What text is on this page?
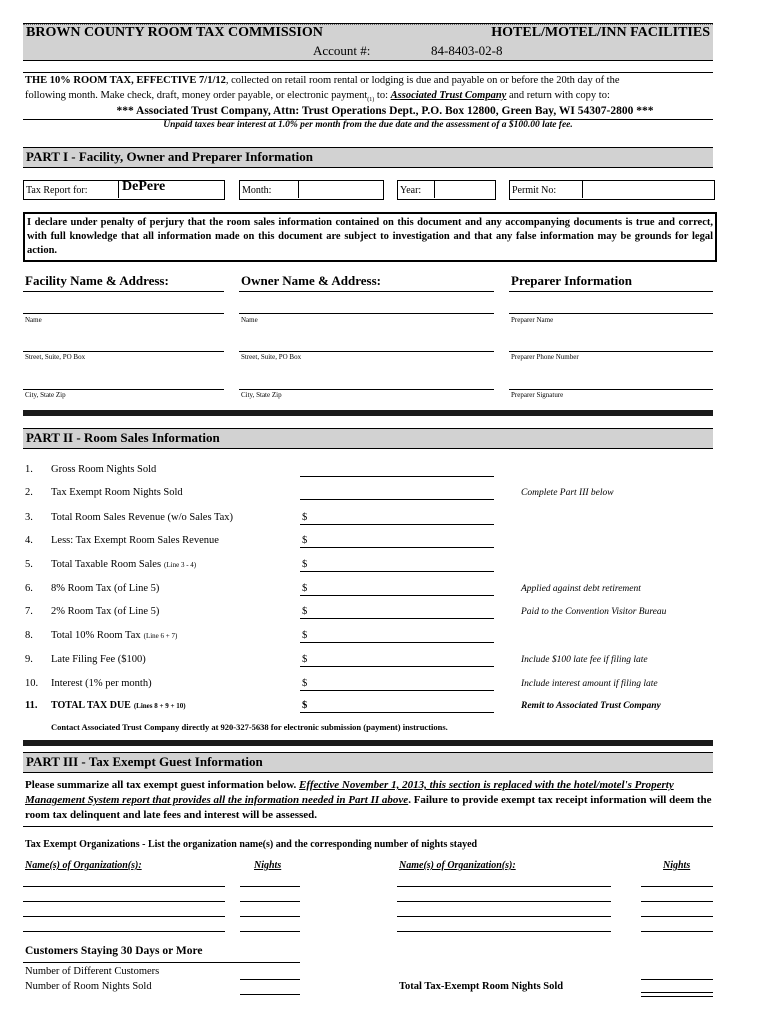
BROWN COUNTY ROOM TAX COMMISSION	HOTEL/MOTEL/INN FACILITIES
Account #:	84-8403-02-8
THE 10% ROOM TAX, EFFECTIVE 7/1/12, collected on retail room rental or lodging is due and payable on or before the 20th day of the
following month. Make check, draft, money order payable, or electronic payment$_{(1)}$ to: Associated Trust Company and return with copy to:
*** Associated Trust Company, Attn: Trust Operations Dept., P.O. Box 12800, Green Bay, WI 54307-2800 ***
Unpaid taxes bear interest at 1.0% per month from the due date and the assessment of a $100.00 late fee.
PART I - Facility, Owner and Preparer Information
Tax Report for: DePere	Month:	Year:	Permit No:
I declare under penalty of perjury that the room sales information contained on this document and any accompanying documents is true and correct, with full knowledge that all information made on this document are subject to investigation and that any false information may be grounds for legal action.
Facility Name & Address:	Owner Name & Address:	Preparer Information
Name
Street, Suite, PO Box
City, State Zip
Name
Street, Suite, PO Box
City, State Zip
Preparer Name
Preparer Phone Number
Preparer Signature
PART II - Room Sales Information
1. Gross Room Nights Sold
2. Tax Exempt Room Nights Sold	Complete Part III below
3. Total Room Sales Revenue (w/o Sales Tax)	$
4. Less: Tax Exempt Room Sales Revenue	$
5. Total Taxable Room Sales (Line 3 - 4)	$
6. 8% Room Tax (of Line 5)	$	Applied against debt retirement
7. 2% Room Tax (of Line 5)	$	Paid to the Convention Visitor Bureau
8. Total 10% Room Tax (Line 6 + 7)	$
9. Late Filing Fee ($100)	$	Include $100 late fee if filing late
10. Interest (1% per month)	$	Include interest amount if filing late
11. TOTAL TAX DUE (Lines 8 + 9 + 10)	$	Remit to Associated Trust Company
Contact Associated Trust Company directly at 920-327-5638 for electronic submission (payment) instructions.
PART III - Tax Exempt Guest Information
Please summarize all tax exempt guest information below. Effective November 1, 2013, this section is replaced with the hotel/motel's Property Management System report that provides all the information needed in Part II above. Failure to provide exempt tax receipt information will deem the room tax delinquent and late fees and interest will be assessed.
Tax Exempt Organizations - List the organization name(s) and the corresponding number of nights stayed
Name(s) of Organization(s):	Nights	Name(s) of Organization(s):	Nights
Customers Staying 30 Days or More
Number of Different Customers
Number of Room Nights Sold	Total Tax-Exempt Room Nights Sold
